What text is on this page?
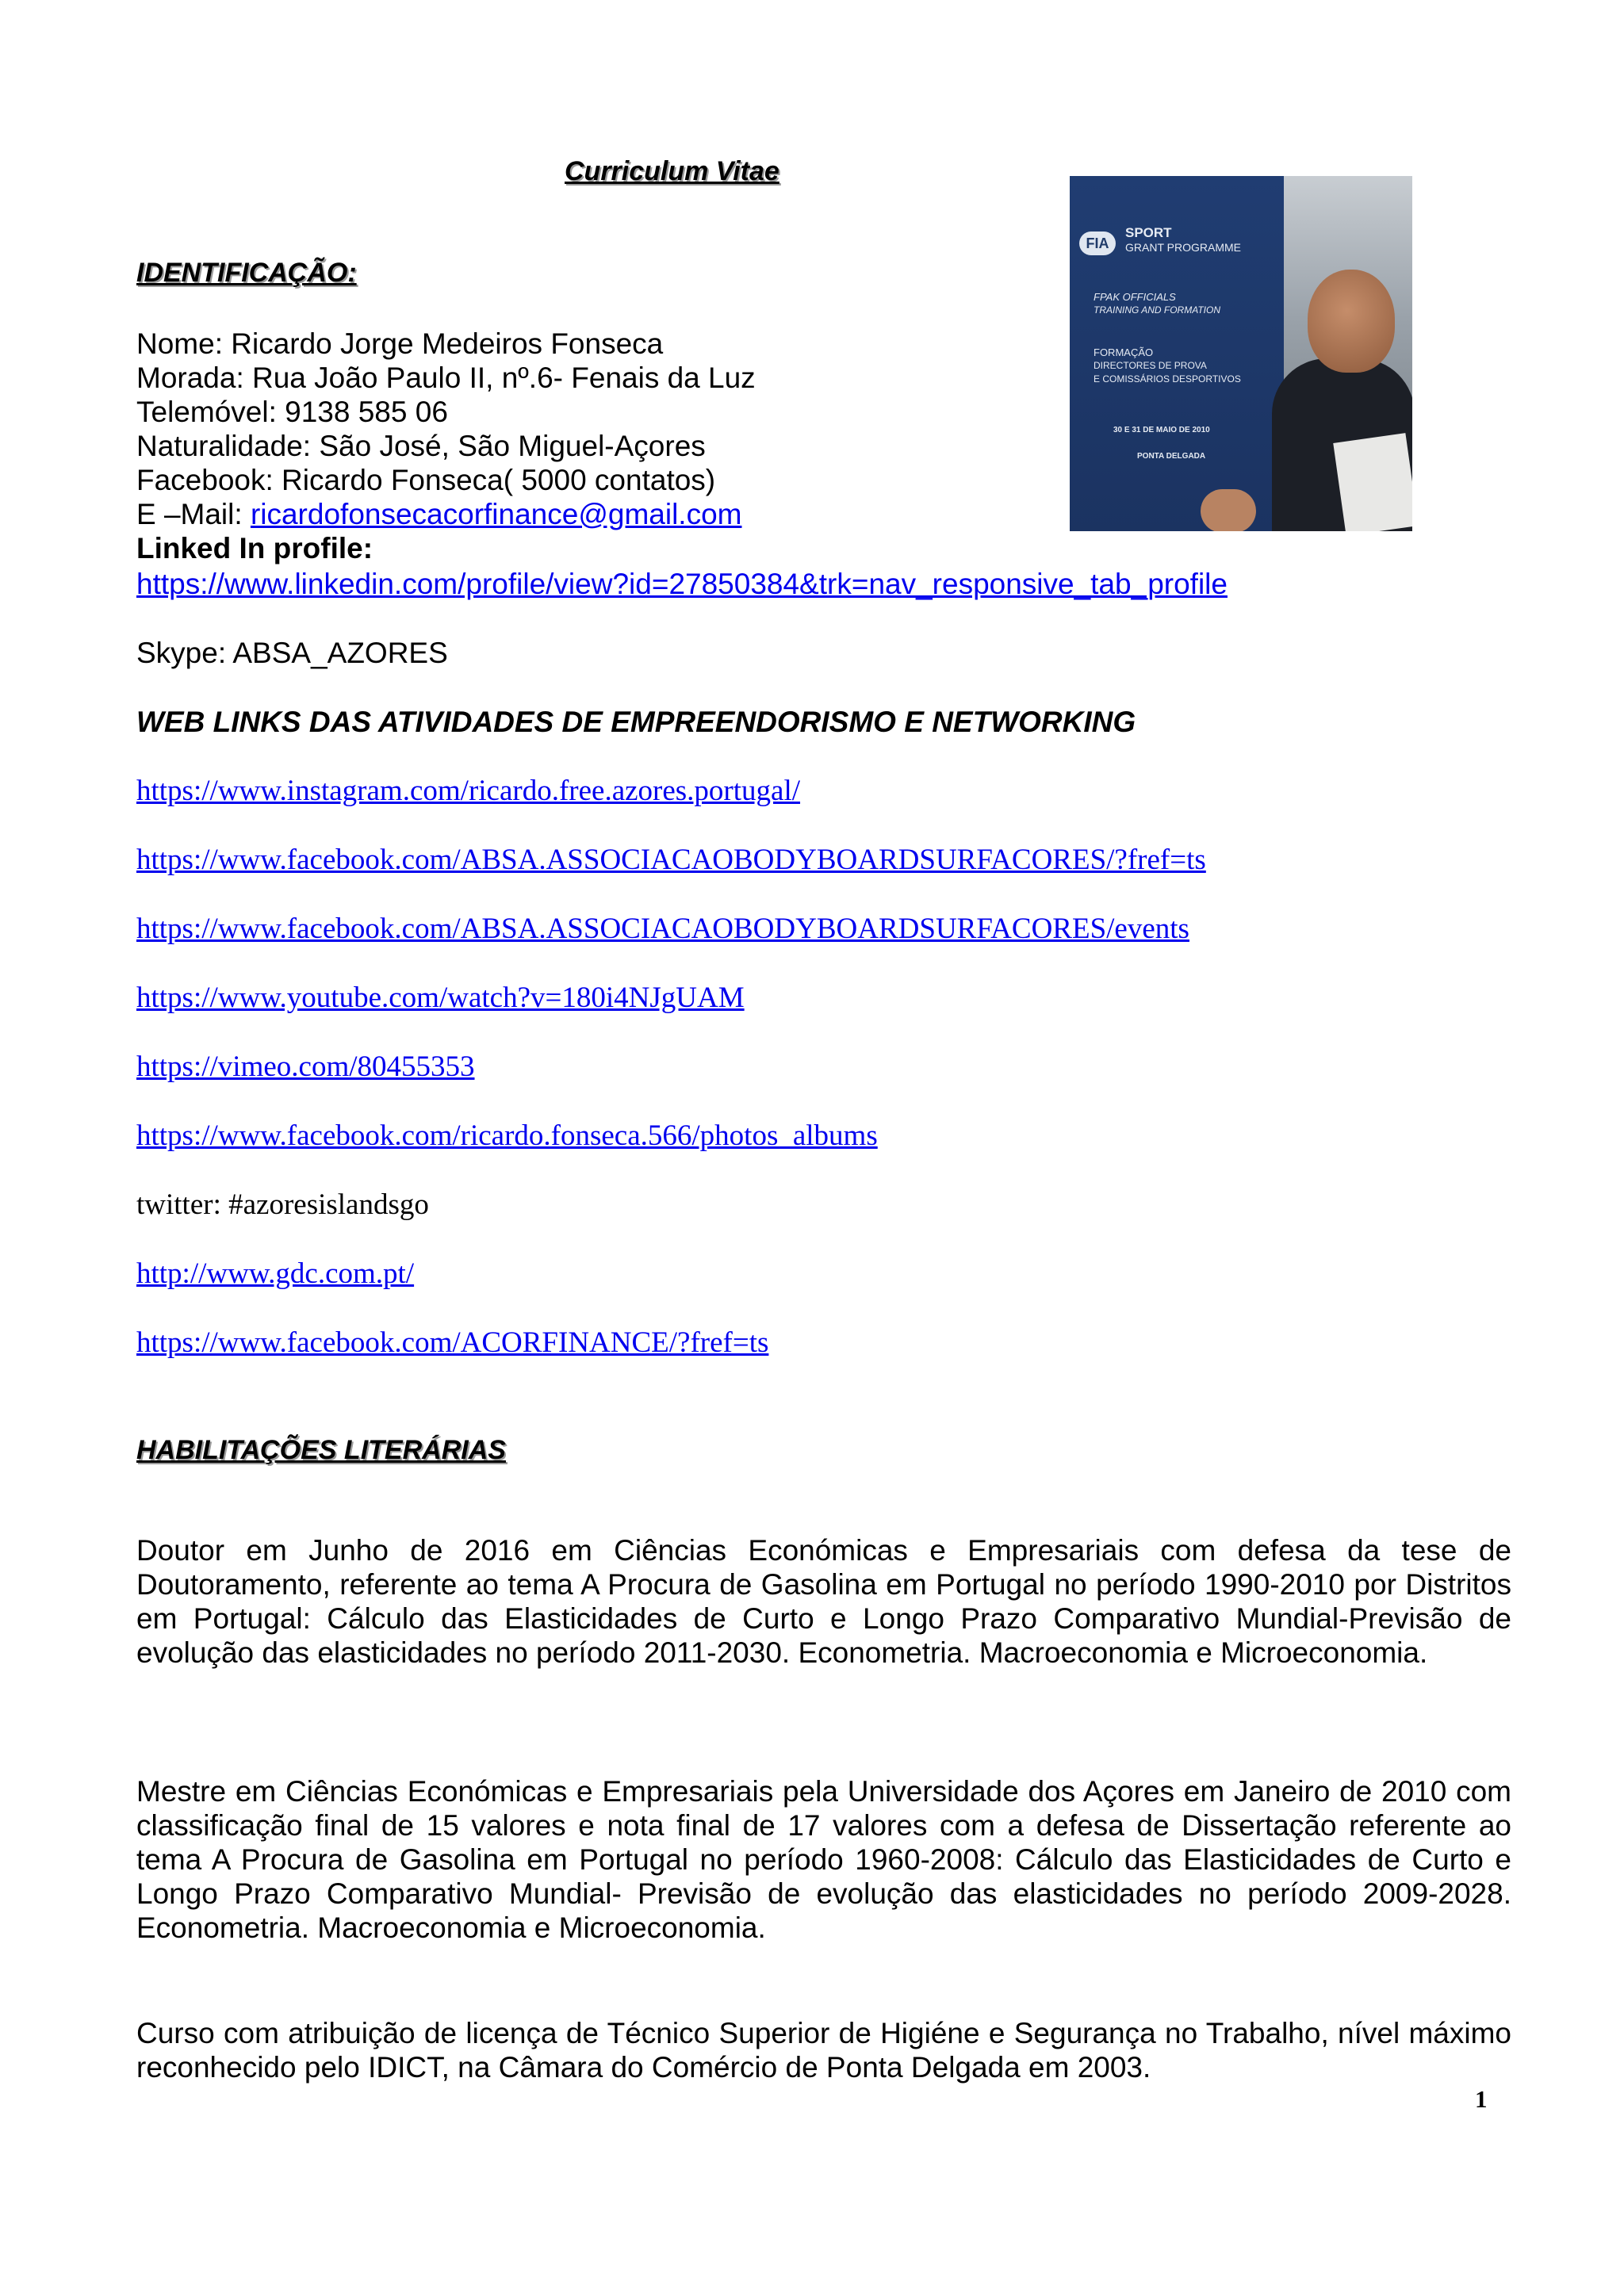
Curriculum Vitae
IDENTIFICAÇÃO:
Nome: Ricardo Jorge Medeiros Fonseca
Morada: Rua João Paulo II, nº.6- Fenais da Luz
Telemóvel: 9138 585 06
Naturalidade: São José, São Miguel-Açores
Facebook: Ricardo Fonseca( 5000 contatos)
E –Mail: ricardofonsecacorfinance@gmail.com
Linked In profile:
https://www.linkedin.com/profile/view?id=27850384&trk=nav_responsive_tab_profile
Skype: ABSA_AZORES
FIA
SPORT
GRANT PROGRAMME
FPAK OFFICIALS
TRAINING AND FORMATION
FORMAÇÃO
DIRECTORES DE PROVA
E COMISSÁRIOS DESPORTIVOS
30 E 31 DE MAIO DE 2010
PONTA DELGADA
WEB LINKS DAS ATIVIDADES DE EMPREENDORISMO E NETWORKING
https://www.instagram.com/ricardo.free.azores.portugal/
https://www.facebook.com/ABSA.ASSOCIACAOBODYBOARDSURFACORES/?fref=ts
https://www.facebook.com/ABSA.ASSOCIACAOBODYBOARDSURFACORES/events
https://www.youtube.com/watch?v=180i4NJgUAM
https://vimeo.com/80455353
https://www.facebook.com/ricardo.fonseca.566/photos_albums
twitter: #azoresislandsgo
http://www.gdc.com.pt/
https://www.facebook.com/ACORFINANCE/?fref=ts
HABILITAÇÕES LITERÁRIAS
Doutor em Junho de 2016 em Ciências Económicas e Empresariais com defesa da tese de Doutoramento, referente ao tema A Procura de Gasolina em Portugal no período 1990-2010 por Distritos em Portugal: Cálculo das Elasticidades de Curto e Longo Prazo Comparativo Mundial-Previsão de evolução das elasticidades no período 2011-2030. Econometria. Macroeconomia e Microeconomia.
Mestre em Ciências Económicas e Empresariais pela Universidade dos Açores em Janeiro de 2010 com classificação final de 15 valores e nota final de 17 valores com a defesa de Dissertação referente ao tema A Procura de Gasolina em Portugal no período 1960-2008: Cálculo das Elasticidades de Curto e Longo Prazo Comparativo Mundial- Previsão de evolução das elasticidades no período 2009-2028. Econometria. Macroeconomia e Microeconomia.
Curso com atribuição de licença de Técnico Superior de Higiéne e Segurança no Trabalho, nível máximo reconhecido pelo IDICT, na Câmara do Comércio de Ponta Delgada em 2003.
1
